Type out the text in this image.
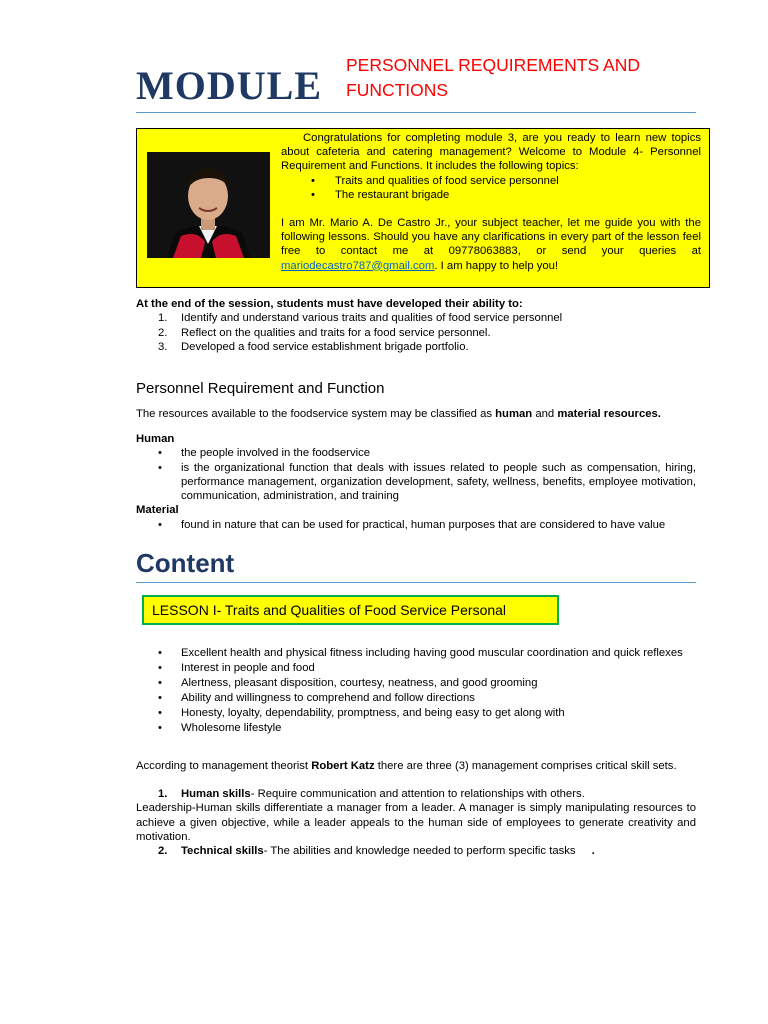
MODULE PERSONNEL REQUIREMENTS AND
FUNCTIONS

Congratulations for completing module 3, are you ready to learn new topics about cafeteria and catering management? Welcome to Module 4- Personnel Requirement and Functions. It includes the following topics:

• Traits and qualities of food service personnel
• The restaurant brigade

I am Mr. Mario A. De Castro Jr., your subject teacher, let me guide you with the following lessons. Should you have any clarifications in every part of the lesson feel free to contact me at 09778063883, or send your queries at mariodecastro787@gmail.com. I am happy to help you!

At the end of the session, students must have developed their ability to:
1. Identify and understand various traits and qualities of food service personnel
2. Reflect on the qualities and traits for a food service personnel.
3. Developed a food service establishment brigade portfolio.
Personnel Requirement and Function
The resources available to the foodservice system may be classified as human and material resources.
Human
• the people involved in the foodservice
• is the organizational function that deals with issues related to people such as compensation, hiring, performance management, organization development, safety, wellness, benefits, employee motivation, communication, administration, and training
Material
• found in nature that can be used for practical, human purposes that are considered to have value
Content
LESSON I- Traits and Qualities of Food Service Personal
• Excellent health and physical fitness including having good muscular coordination and quick reflexes
• Interest in people and food
• Alertness, pleasant disposition, courtesy, neatness, and good grooming
• Ability and willingness to comprehend and follow directions
• Honesty, loyalty, dependability, promptness, and being easy to get along with
• Wholesome lifestyle
According to management theorist Robert Katz there are three (3) management comprises critical skill sets.
1. Human skills- Require communication and attention to relationships with others.
Leadership-Human skills differentiate a manager from a leader. A manager is simply manipulating resources to achieve a given objective, while a leader appeals to the human side of employees to generate creativity and motivation.
2. Technical skills- The abilities and knowledge needed to perform specific tasks .
